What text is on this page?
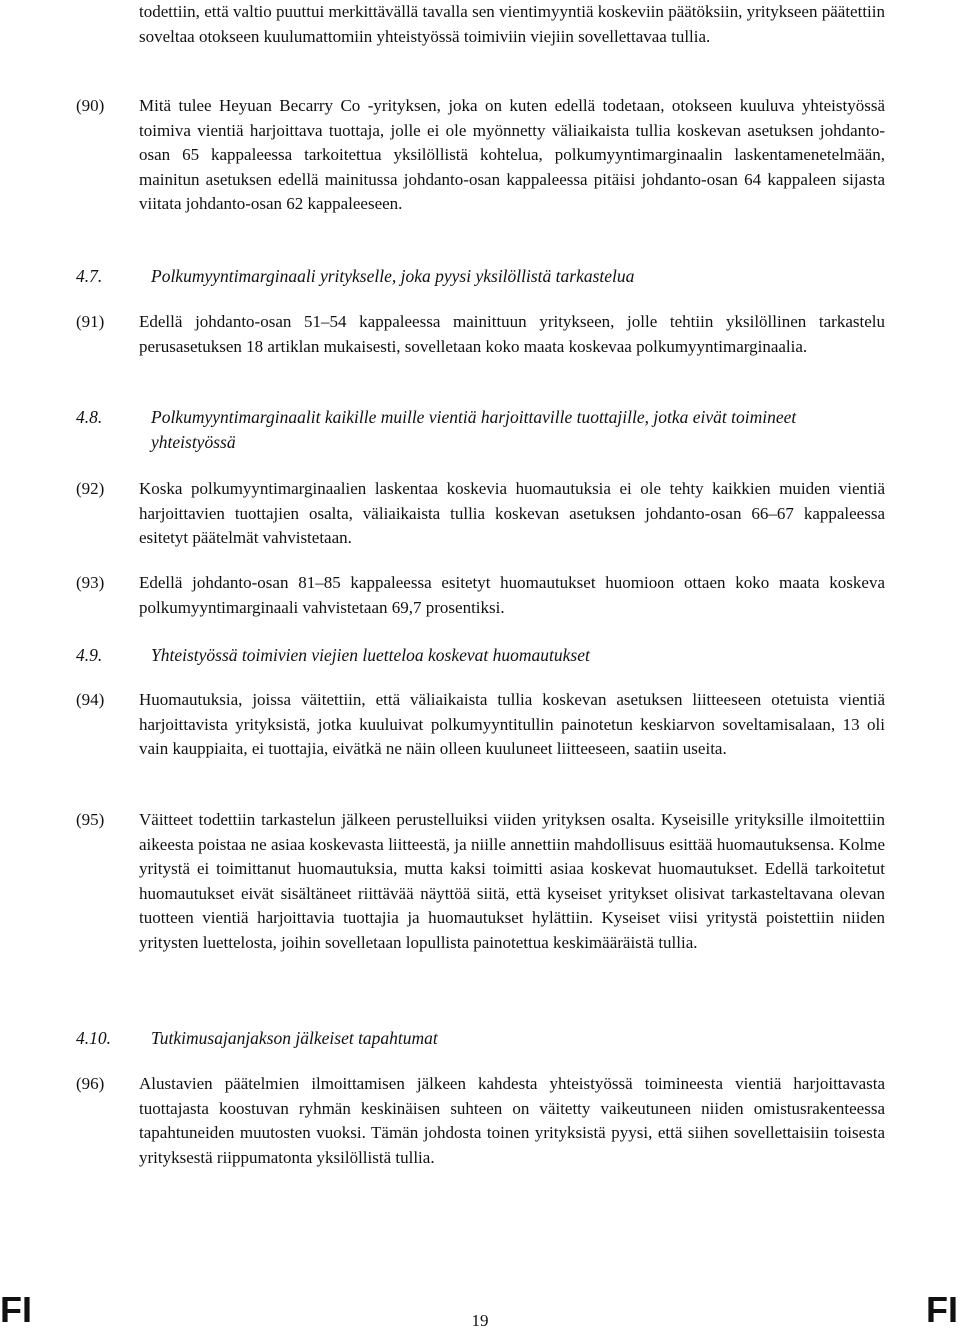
todettiin, että valtio puuttui merkittävällä tavalla sen vientimyyntiä koskeviin päätöksiin, yritykseen päätettiin soveltaa otokseen kuulumattomiin yhteistyössä toimiviin viejiin sovellettavaa tullia.
(90)	Mitä tulee Heyuan Becarry Co -yrityksen, joka on kuten edellä todetaan, otokseen kuuluva yhteistyössä toimiva vientiä harjoittava tuottaja, jolle ei ole myönnetty väliaikaista tullia koskevan asetuksen johdanto-osan 65 kappaleessa tarkoitettua yksilöllistä kohtelua, polkumyyntimarginaalin laskentamenetelmään, mainitun asetuksen edellä mainitussa johdanto-osan kappaleessa pitäisi johdanto-osan 64 kappaleen sijasta viitata johdanto-osan 62 kappaleeseen.
4.7.	Polkumyyntimarginaali yritykselle, joka pyysi yksilöllistä tarkastelua
(91)	Edellä johdanto-osan 51–54 kappaleessa mainittuun yritykseen, jolle tehtiin yksilöllinen tarkastelu perusasetuksen 18 artiklan mukaisesti, sovelletaan koko maata koskevaa polkumyyntimarginaalia.
4.8.	Polkumyyntimarginaalit kaikille muille vientiä harjoittaville tuottajille, jotka eivät toimineet yhteistyössä
(92)	Koska polkumyyntimarginaalien laskentaa koskevia huomautuksia ei ole tehty kaikkien muiden vientiä harjoittavien tuottajien osalta, väliaikaista tullia koskevan asetuksen johdanto-osan 66–67 kappaleessa esitetyt päätelmät vahvistetaan.
(93)	Edellä johdanto-osan 81–85 kappaleessa esitetyt huomautukset huomioon ottaen koko maata koskeva polkumyyntimarginaali vahvistetaan 69,7 prosentiksi.
4.9.	Yhteistyössä toimivien viejien luetteloa koskevat huomautukset
(94)	Huomautuksia, joissa väitettiin, että väliaikaista tullia koskevan asetuksen liitteeseen otetuista vientiä harjoittavista yrityksistä, jotka kuuluivat polkumyyntitullin painotetun keskiarvon soveltamisalaan, 13 oli vain kauppiaita, ei tuottajia, eivätkä ne näin olleen kuuluneet liitteeseen, saatiin useita.
(95)	Väitteet todettiin tarkastelun jälkeen perustelluiksi viiden yrityksen osalta. Kyseisille yrityksille ilmoitettiin aikeesta poistaa ne asiaa koskevasta liitteestä, ja niille annettiin mahdollisuus esittää huomautuksensa. Kolme yritystä ei toimittanut huomautuksia, mutta kaksi toimitti asiaa koskevat huomautukset. Edellä tarkoitetut huomautukset eivät sisältäneet riittävää näyttöä siitä, että kyseiset yritykset olisivat tarkasteltavana olevan tuotteen vientiä harjoittavia tuottajia ja huomautukset hylättiin. Kyseiset viisi yritystä poistettiin niiden yritysten luettelosta, joihin sovelletaan lopullista painotettua keskimääräistä tullia.
4.10.	Tutkimusajanjakson jälkeiset tapahtumat
(96)	Alustavien päätelmien ilmoittamisen jälkeen kahdesta yhteistyössä toimineesta vientiä harjoittavasta tuottajasta koostuvan ryhmän keskinäisen suhteen on väitetty vaikeutuneen niiden omistusrakenteessa tapahtuneiden muutosten vuoksi. Tämän johdosta toinen yrityksistä pyysi, että siihen sovellettaisiin toisesta yrityksestä riippumatonta yksilöllistä tullia.
FI	19	FI
